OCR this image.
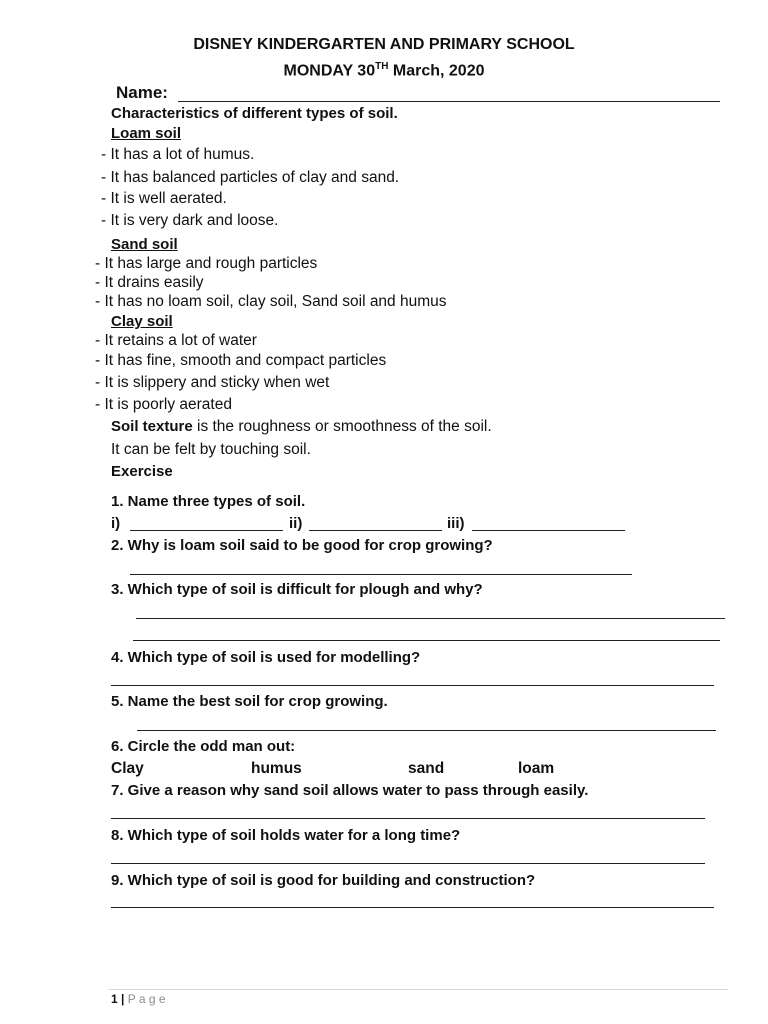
DISNEY KINDERGARTEN AND PRIMARY SCHOOL
MONDAY 30TH March, 2020
Name:
Characteristics of different types of soil.
Loam soil
- It has a lot of humus.
- It has balanced particles of clay and sand.
- It is well aerated.
- It is very dark and loose.
Sand soil
- It has large and rough particles
- It drains easily
- It has no loam soil, clay soil, Sand soil and humus
Clay soil
- It retains a lot of water
- It has fine, smooth and compact particles
- It is slippery and sticky when wet
- It is poorly aerated
Soil texture is the roughness or smoothness of the soil.
It can be felt by touching soil.
Exercise
1. Name three types of soil.
i)	ii)	iii)
2. Why is loam soil said to be good for crop growing?
3. Which type of soil is difficult for plough and why?
4. Which type of soil is used for modelling?
5. Name the best soil for crop growing.
6. Circle the odd man out:
Clay	humus	sand	loam
7. Give a reason why sand soil allows water to pass through easily.
8. Which type of soil holds water for a long time?
9. Which type of soil is good for building and construction?
1 | P a g e
